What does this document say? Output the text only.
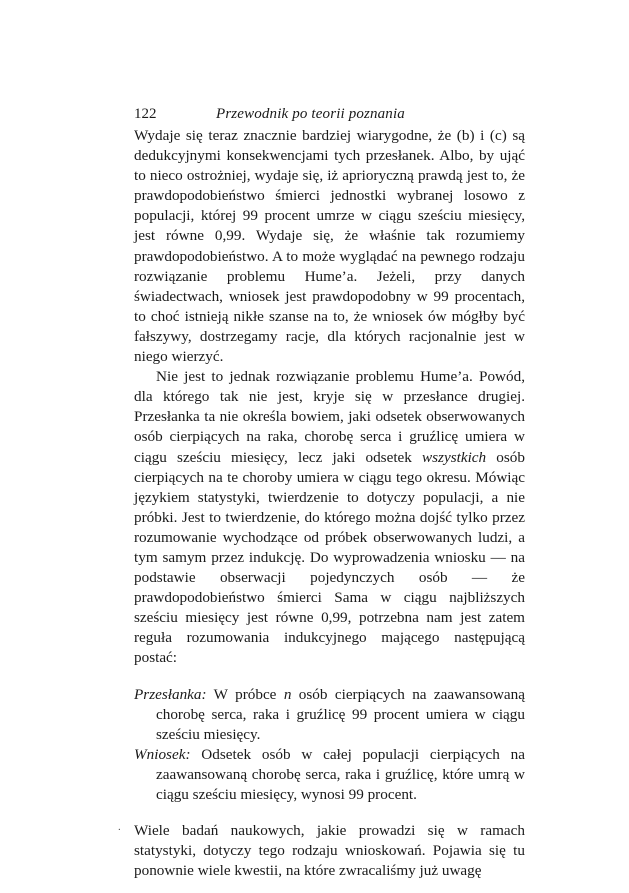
122	Przewodnik po teorii poznania

Wydaje się teraz znacznie bardziej wiarygodne, że (b) i (c) są dedukcyjnymi konsekwencjami tych przesłanek. Albo, by ująć to nieco ostrożniej, wydaje się, iż aprioryczną prawdą jest to, że prawdopodobieństwo śmierci jednostki wybranej losowo z populacji, której 99 procent umrze w ciągu sześciu miesięcy, jest równe 0,99. Wydaje się, że właśnie tak rozumiemy prawdopodobieństwo. A to może wyglądać na pewnego rodzaju rozwiązanie problemu Hume’a. Jeżeli, przy danych świadectwach, wniosek jest prawdopodobny w 99 procentach, to choć istnieją nikłe szanse na to, że wniosek ów mógłby być fałszywy, dostrzegamy racje, dla których racjonalnie jest w niego wierzyć.

Nie jest to jednak rozwiązanie problemu Hume’a. Powód, dla którego tak nie jest, kryje się w przesłance drugiej. Przesłanka ta nie określa bowiem, jaki odsetek obserwowanych osób cierpiących na raka, chorobę serca i gruźlicę umiera w ciągu sześciu miesięcy, lecz jaki odsetek wszystkich osób cierpiących na te choroby umiera w ciągu tego okresu. Mówiąc językiem statystyki, twierdzenie to dotyczy populacji, a nie próbki. Jest to twierdzenie, do którego można dojść tylko przez rozumowanie wychodzące od próbek obserwowanych ludzi, a tym samym przez indukcję. Do wyprowadzenia wniosku — na podstawie obserwacji pojedynczych osób — że prawdopodobieństwo śmierci Sama w ciągu najbliższych sześciu miesięcy jest równe 0,99, potrzebna nam jest zatem reguła rozumowania indukcyjnego mającego następującą postać:

Przesłanka: W próbce n osób cierpiących na zaawansowaną chorobę serca, raka i gruźlicę 99 procent umiera w ciągu sześciu miesięcy.

Wniosek: Odsetek osób w całej populacji cierpiących na zaawansowaną chorobę serca, raka i gruźlicę, które umrą w ciągu sześciu miesięcy, wynosi 99 procent.

. Wiele badań naukowych, jakie prowadzi się w ramach statystyki, dotyczy tego rodzaju wnioskowań. Pojawia się tu ponownie wiele kwestii, na które zwracaliśmy już uwagę
